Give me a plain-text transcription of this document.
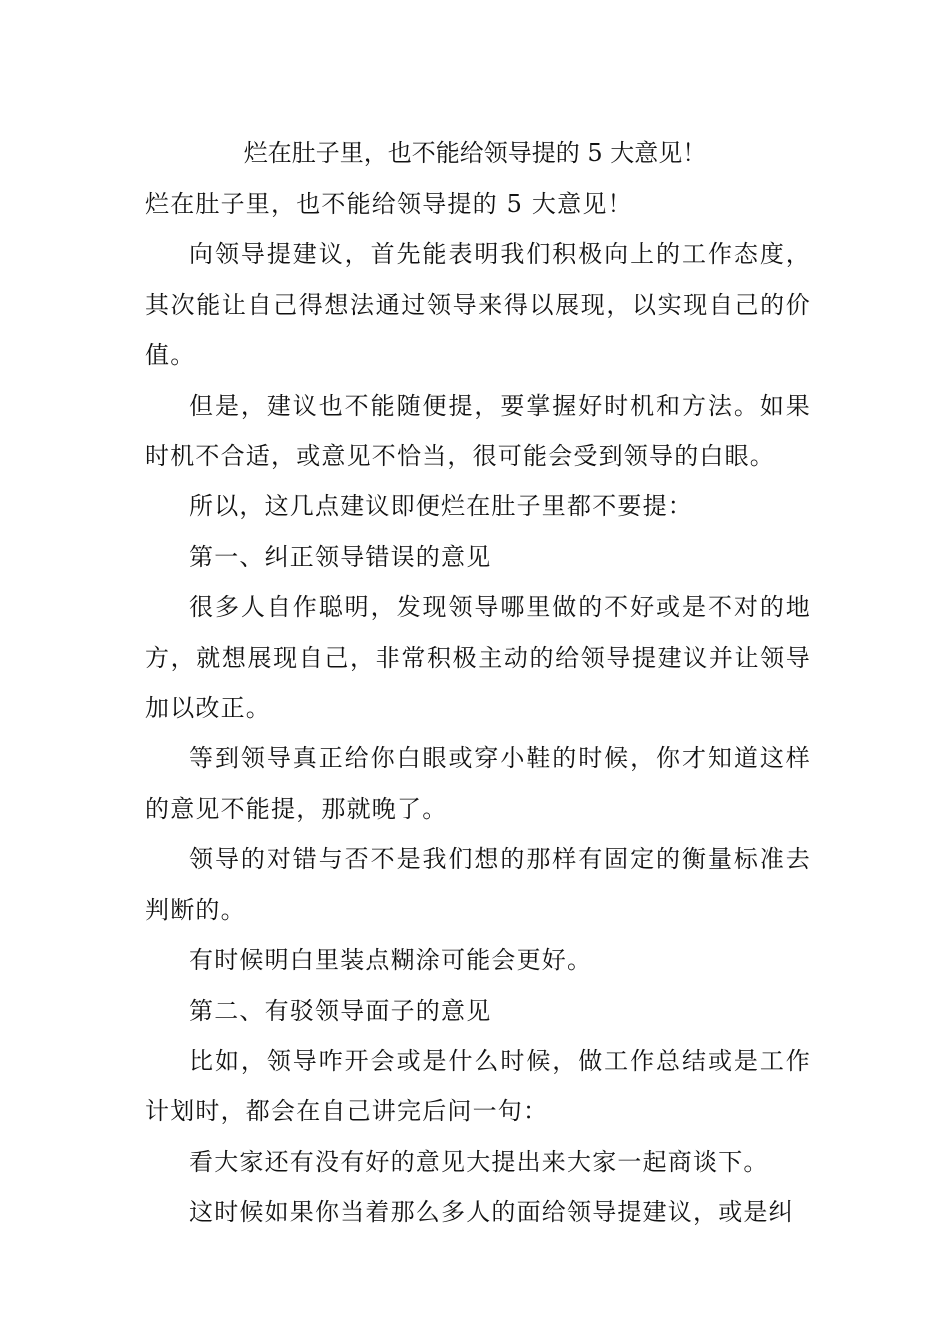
烂在肚子里，也不能给领导提的 5 大意见！

烂在肚子里，也不能给领导提的 5 大意见！

向领导提建议，首先能表明我们积极向上的工作态度，其次能让自己得想法通过领导来得以展现，以实现自己的价值。

但是，建议也不能随便提，要掌握好时机和方法。如果时机不合适，或意见不恰当，很可能会受到领导的白眼。

所以，这几点建议即便烂在肚子里都不要提：

第一、纠正领导错误的意见

很多人自作聪明，发现领导哪里做的不好或是不对的地方，就想展现自己，非常积极主动的给领导提建议并让领导加以改正。

等到领导真正给你白眼或穿小鞋的时候，你才知道这样的意见不能提，那就晚了。

领导的对错与否不是我们想的那样有固定的衡量标准去判断的。

有时候明白里装点糊涂可能会更好。

第二、有驳领导面子的意见

比如，领导咋开会或是什么时候，做工作总结或是工作计划时，都会在自己讲完后问一句：

看大家还有没有好的意见大提出来大家一起商谈下。

这时候如果你当着那么多人的面给领导提建议，或是纠
